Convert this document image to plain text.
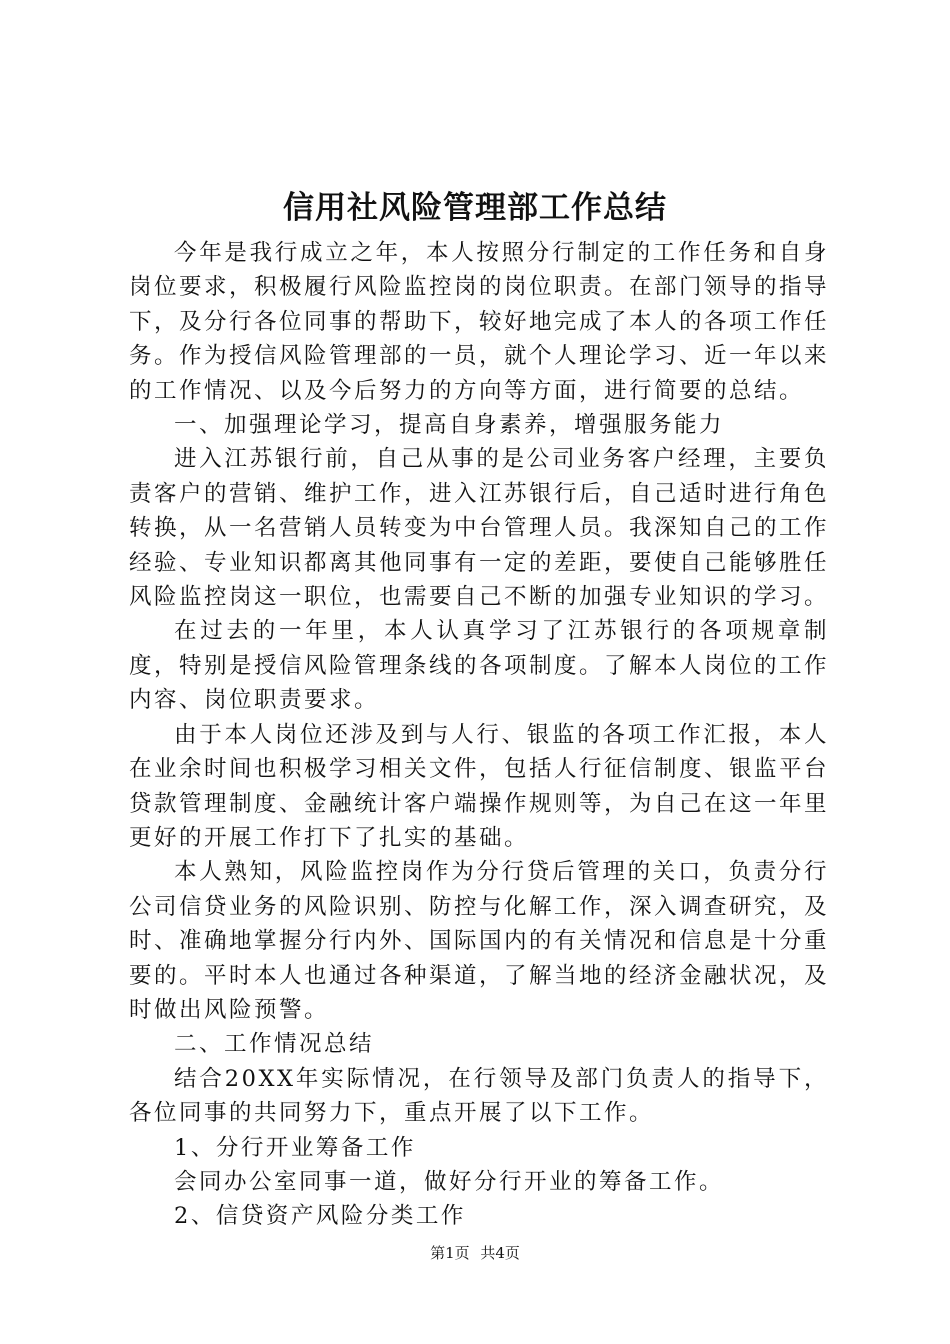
信用社风险管理部工作总结

今年是我行成立之年，本人按照分行制定的工作任务和自身岗位要求，积极履行风险监控岗的岗位职责。在部门领导的指导下，及分行各位同事的帮助下，较好地完成了本人的各项工作任务。作为授信风险管理部的一员，就个人理论学习、近一年以来的工作情况、以及今后努力的方向等方面，进行简要的总结。

一、加强理论学习，提高自身素养，增强服务能力

进入江苏银行前，自己从事的是公司业务客户经理，主要负责客户的营销、维护工作，进入江苏银行后，自己适时进行角色转换，从一名营销人员转变为中台管理人员。我深知自己的工作经验、专业知识都离其他同事有一定的差距，要使自己能够胜任风险监控岗这一职位，也需要自己不断的加强专业知识的学习。

在过去的一年里，本人认真学习了江苏银行的各项规章制度，特别是授信风险管理条线的各项制度。了解本人岗位的工作内容、岗位职责要求。

由于本人岗位还涉及到与人行、银监的各项工作汇报，本人在业余时间也积极学习相关文件，包括人行征信制度、银监平台贷款管理制度、金融统计客户端操作规则等，为自己在这一年里更好的开展工作打下了扎实的基础。

本人熟知，风险监控岗作为分行贷后管理的关口，负责分行公司信贷业务的风险识别、防控与化解工作，深入调查研究，及时、准确地掌握分行内外、国际国内的有关情况和信息是十分重要的。平时本人也通过各种渠道，了解当地的经济金融状况，及时做出风险预警。

二、工作情况总结

结合20XX年实际情况，在行领导及部门负责人的指导下，各位同事的共同努力下，重点开展了以下工作。

1、分行开业筹备工作

会同办公室同事一道，做好分行开业的筹备工作。

2、信贷资产风险分类工作

第1页 共4页
